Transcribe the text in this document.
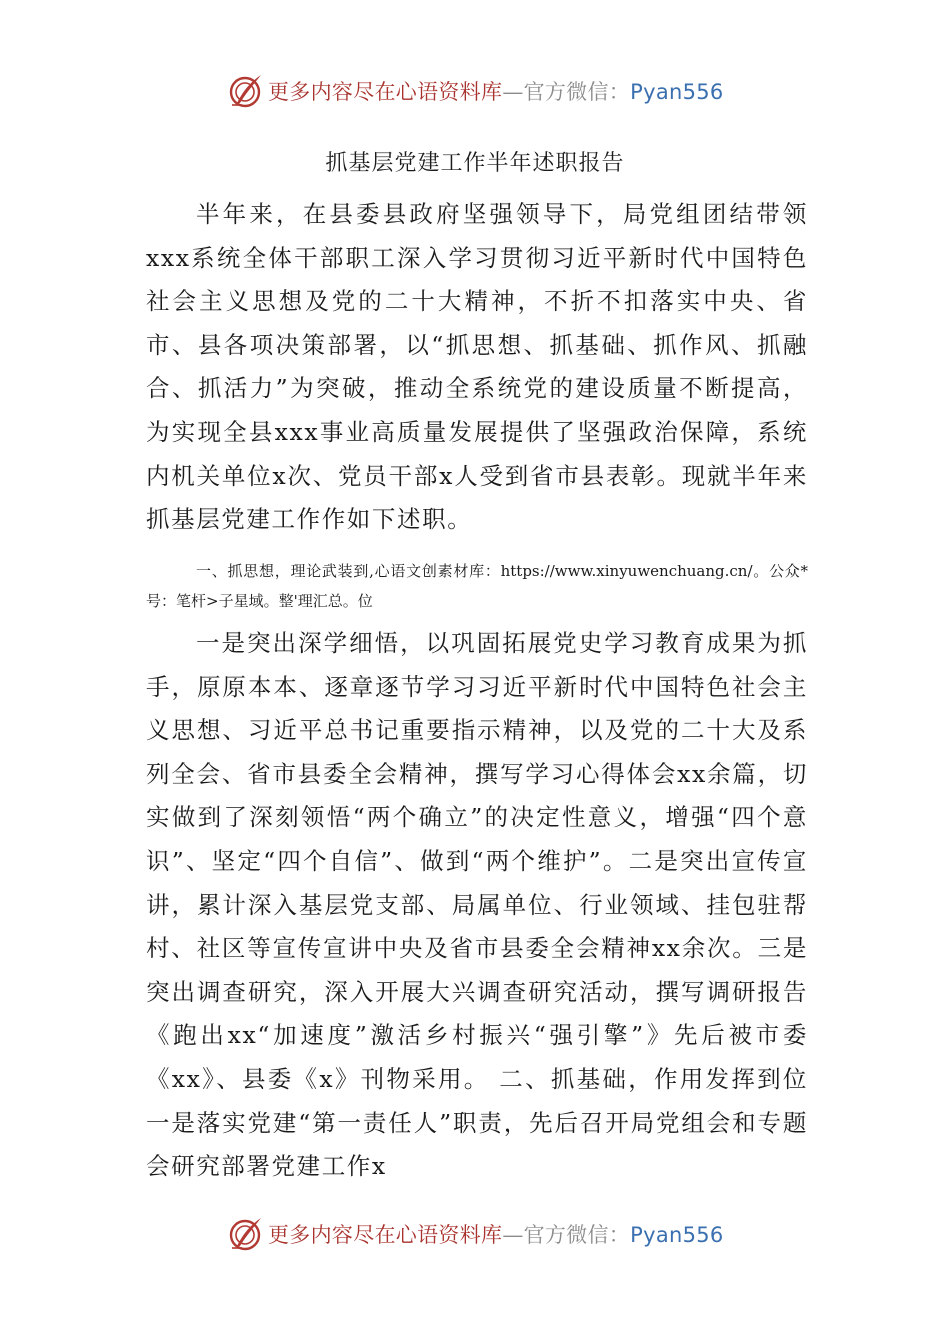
更多内容尽在心语资料库—官方微信：Pyan556
抓基层党建工作半年述职报告

半年来，在县委县政府坚强领导下，局党组团结带领xxx系统全体干部职工深入学习贯彻习近平新时代中国特色社会主义思想及党的二十大精神，不折不扣落实中央、省市、县各项决策部署，以“抓思想、抓基础、抓作风、抓融合、抓活力”为突破，推动全系统党的建设质量不断提高，为实现全县xxx事业高质量发展提供了坚强政治保障，系统内机关单位x次、党员干部x人受到省市县表彰。现就半年来抓基层党建工作作如下述职。

一、抓思想，理论武装到,心语文创素材库：https://www.xinyuwenchuang.cn/。公众*号：笔杆>子星域。整'理汇总。位

一是突出深学细悟，以巩固拓展党史学习教育成果为抓手，原原本本、逐章逐节学习习近平新时代中国特色社会主义思想、习近平总书记重要指示精神，以及党的二十大及系列全会、省市县委全会精神，撰写学习心得体会xx余篇，切实做到了深刻领悟“两个确立”的决定性意义，增强“四个意识”、坚定“四个自信”、做到“两个维护”。二是突出宣传宣讲，累计深入基层党支部、局属单位、行业领域、挂包驻帮村、社区等宣传宣讲中央及省市县委全会精神xx余次。三是突出调查研究，深入开展大兴调查研究活动，撰写调研报告《跑出xx“加速度”激活乡村振兴“强引擎”》先后被市委《xx》、县委《x》刊物采用。 二、抓基础，作用发挥到位一是落实党建“第一责任人”职责，先后召开局党组会和专题会研究部署党建工作x

更多内容尽在心语资料库—官方微信：Pyan556
